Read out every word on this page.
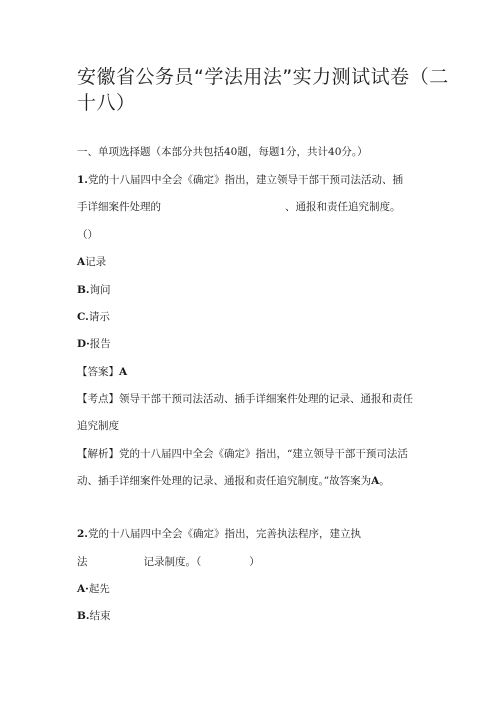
安徽省公务员“学法用法”实力测试试卷（二
十八）
一、单项选择题（本部分共包括40题，每题1分，共计40分。）
1.党的十八届四中全会《确定》指出，建立领导干部干预司法活动、插
手详细案件处理的	、通报和责任追究制度。
（）
A记录
B.询问
C.请示
D·报告
【答案】A
【考点】领导干部干预司法活动、插手详细案件处理的记录、通报和责任
追究制度
【解析】党的十八届四中全会《确定》指出，“建立领导干部干预司法活
动、插手详细案件处理的记录、通报和责任追究制度。”故答案为A。
2.党的十八届四中全会《确定》指出，完善执法程序，建立执
法	记录制度。（	）
A·起先
B.结束
